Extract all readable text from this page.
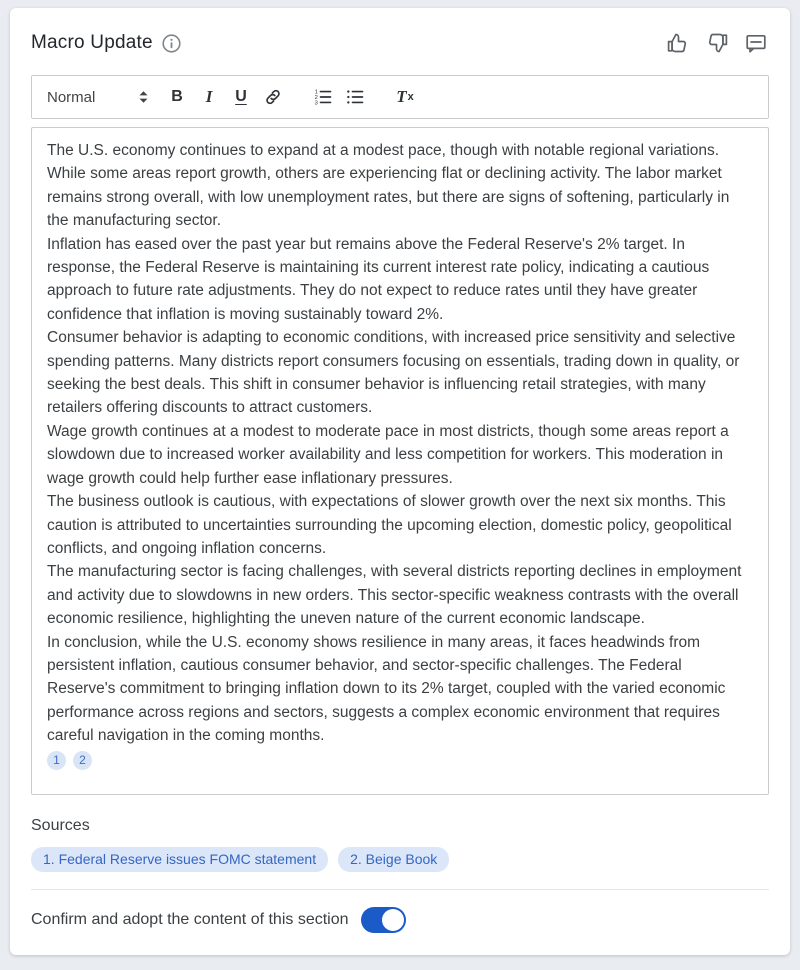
Macro Update
Normal	B	I	U	1
2
3	T x

The U.S. economy continues to expand at a modest pace, though with notable regional variations. While some areas report growth, others are experiencing flat or declining activity. The labor market remains strong overall, with low unemployment rates, but there are signs of softening, particularly in the manufacturing sector.

Inflation has eased over the past year but remains above the Federal Reserve's 2% target. In response, the Federal Reserve is maintaining its current interest rate policy, indicating a cautious approach to future rate adjustments. They do not expect to reduce rates until they have greater confidence that inflation is moving sustainably toward 2%.

Consumer behavior is adapting to economic conditions, with increased price sensitivity and selective spending patterns. Many districts report consumers focusing on essentials, trading down in quality, or seeking the best deals. This shift in consumer behavior is influencing retail strategies, with many retailers offering discounts to attract customers.

Wage growth continues at a modest to moderate pace in most districts, though some areas report a slowdown due to increased worker availability and less competition for workers. This moderation in wage growth could help further ease inflationary pressures.

The business outlook is cautious, with expectations of slower growth over the next six months. This caution is attributed to uncertainties surrounding the upcoming election, domestic policy, geopolitical conflicts, and ongoing inflation concerns.

The manufacturing sector is facing challenges, with several districts reporting declines in employment and activity due to slowdowns in new orders. This sector-specific weakness contrasts with the overall economic resilience, highlighting the uneven nature of the current economic landscape.

In conclusion, while the U.S. economy shows resilience in many areas, it faces headwinds from persistent inflation, cautious consumer behavior, and sector-specific challenges. The Federal Reserve's commitment to bringing inflation down to its 2% target, coupled with the varied economic performance across regions and sectors, suggests a complex economic environment that requires careful navigation in the coming months.

1	2
Sources
1. Federal Reserve issues FOMC statement	2. Beige Book
Confirm and adopt the content of this section
